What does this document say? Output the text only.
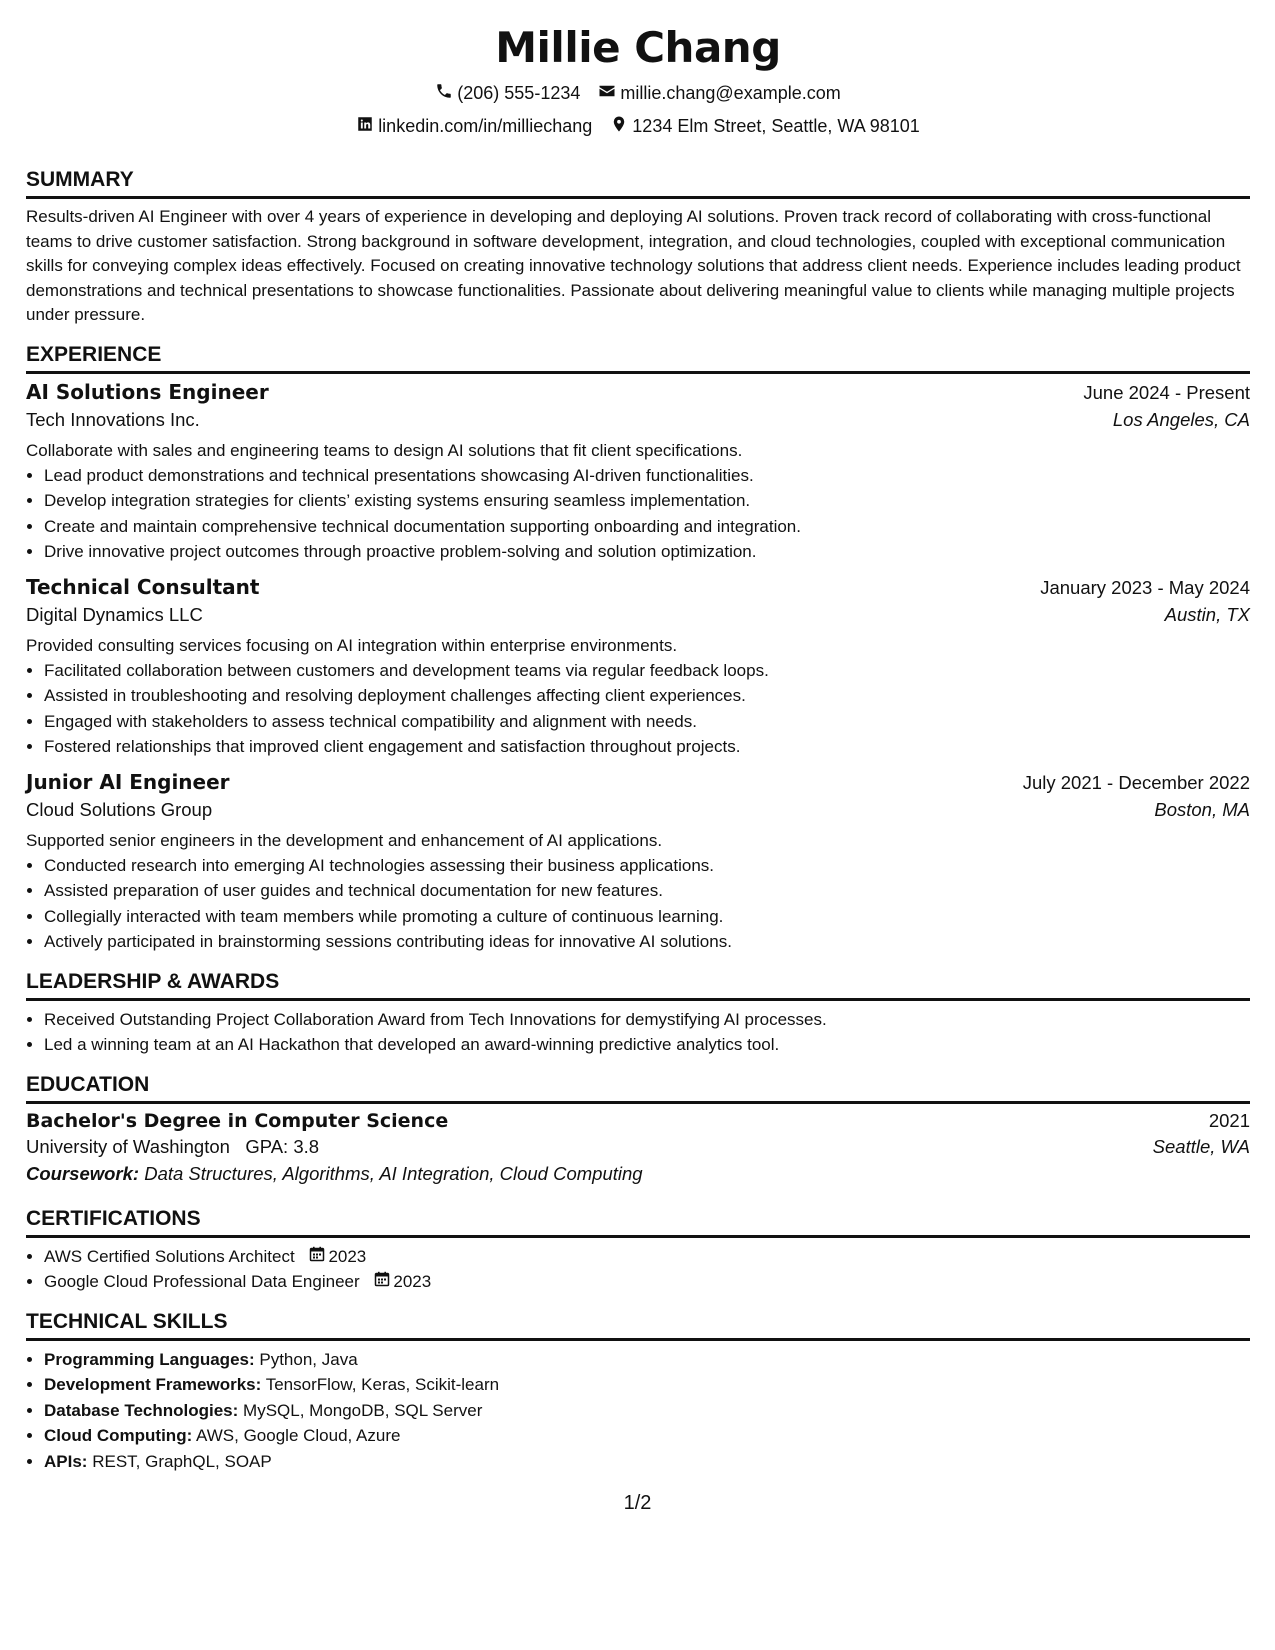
Millie Chang
(206) 555-1234 millie.chang@example.com
linkedin.com/in/milliechang 1234 Elm Street, Seattle, WA 98101
SUMMARY

Results-driven AI Engineer with over 4 years of experience in developing and deploying AI solutions. Proven track record of collaborating with cross-functional teams to drive customer satisfaction. Strong background in software development, integration, and cloud technologies, coupled with exceptional communication skills for conveying complex ideas effectively. Focused on creating innovative technology solutions that address client needs. Experience includes leading product demonstrations and technical presentations to showcase functionalities. Passionate about delivering meaningful value to clients while managing multiple projects under pressure.

EXPERIENCE
AI Solutions Engineer	June 2024 - Present
Tech Innovations Inc.	Los Angeles, CA
Collaborate with sales and engineering teams to design AI solutions that fit client specifications.
• Lead product demonstrations and technical presentations showcasing AI-driven functionalities.
• Develop integration strategies for clients’ existing systems ensuring seamless implementation.
• Create and maintain comprehensive technical documentation supporting onboarding and integration.
• Drive innovative project outcomes through proactive problem-solving and solution optimization.
Technical Consultant	January 2023 - May 2024
Digital Dynamics LLC	Austin, TX
Provided consulting services focusing on AI integration within enterprise environments.
• Facilitated collaboration between customers and development teams via regular feedback loops.
• Assisted in troubleshooting and resolving deployment challenges affecting client experiences.
• Engaged with stakeholders to assess technical compatibility and alignment with needs.
• Fostered relationships that improved client engagement and satisfaction throughout projects.
Junior AI Engineer	July 2021 - December 2022
Cloud Solutions Group	Boston, MA
Supported senior engineers in the development and enhancement of AI applications.
• Conducted research into emerging AI technologies assessing their business applications.
• Assisted preparation of user guides and technical documentation for new features.
• Collegially interacted with team members while promoting a culture of continuous learning.
• Actively participated in brainstorming sessions contributing ideas for innovative AI solutions.
LEADERSHIP & AWARDS
• Received Outstanding Project Collaboration Award from Tech Innovations for demystifying AI processes.
• Led a winning team at an AI Hackathon that developed an award-winning predictive analytics tool.
EDUCATION
Bachelor's Degree in Computer Science	2021
University of Washington GPA: 3.8	Seattle, WA
Coursework: Data Structures, Algorithms, AI Integration, Cloud Computing
CERTIFICATIONS
• AWS Certified Solutions Architect 2023
• Google Cloud Professional Data Engineer 2023
TECHNICAL SKILLS
• Programming Languages: Python, Java
• Development Frameworks: TensorFlow, Keras, Scikit-learn
• Database Technologies: MySQL, MongoDB, SQL Server
• Cloud Computing: AWS, Google Cloud, Azure
• APIs: REST, GraphQL, SOAP
1/2
